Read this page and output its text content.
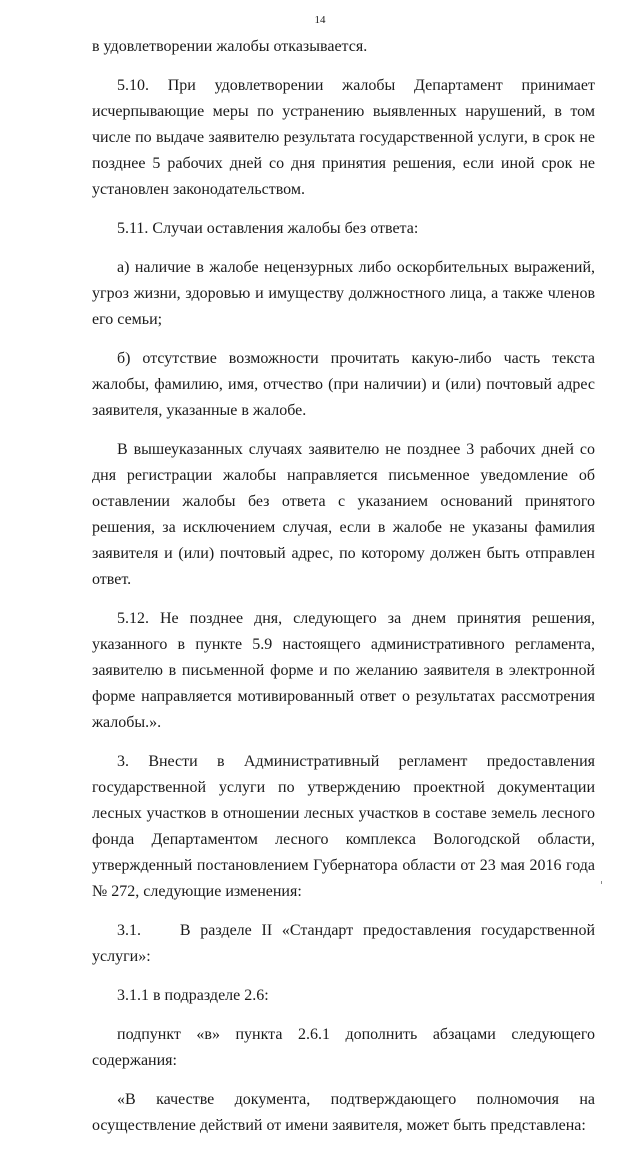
14

в удовлетворении жалобы отказывается.

5.10. При удовлетворении жалобы Департамент принимает исчерпывающие меры по устранению выявленных нарушений, в том числе по выдаче заявителю результата государственной услуги, в срок не позднее 5 рабочих дней со дня принятия решения, если иной срок не установлен законодательством.

5.11. Случаи оставления жалобы без ответа:

а) наличие в жалобе нецензурных либо оскорбительных выражений, угроз жизни, здоровью и имуществу должностного лица, а также членов его семьи;

б) отсутствие возможности прочитать какую-либо часть текста жалобы, фамилию, имя, отчество (при наличии) и (или) почтовый адрес заявителя, указанные в жалобе.

В вышеуказанных случаях заявителю не позднее 3 рабочих дней со дня регистрации жалобы направляется письменное уведомление об оставлении жалобы без ответа с указанием оснований принятого решения, за исключением случая, если в жалобе не указаны фамилия заявителя и (или) почтовый адрес, по которому должен быть отправлен ответ.

5.12. Не позднее дня, следующего за днем принятия решения, указанного в пункте 5.9 настоящего административного регламента, заявителю в письменной форме и по желанию заявителя в электронной форме направляется мотивированный ответ о результатах рассмотрения жалобы.».

3. Внести в Административный регламент предоставления государственной услуги по утверждению проектной документации лесных участков в отношении лесных участков в составе земель лесного фонда Департаментом лесного комплекса Вологодской области, утвержденный постановлением Губернатора области от 23 мая 2016 года № 272, следующие изменения:

3.1.    В разделе II «Стандарт предоставления государственной услуги»:

3.1.1 в подразделе 2.6:

подпункт «в» пункта 2.6.1 дополнить абзацами следующего содержания:

«В качестве документа, подтверждающего полномочия на осуществление действий от имени заявителя, может быть представлена:
